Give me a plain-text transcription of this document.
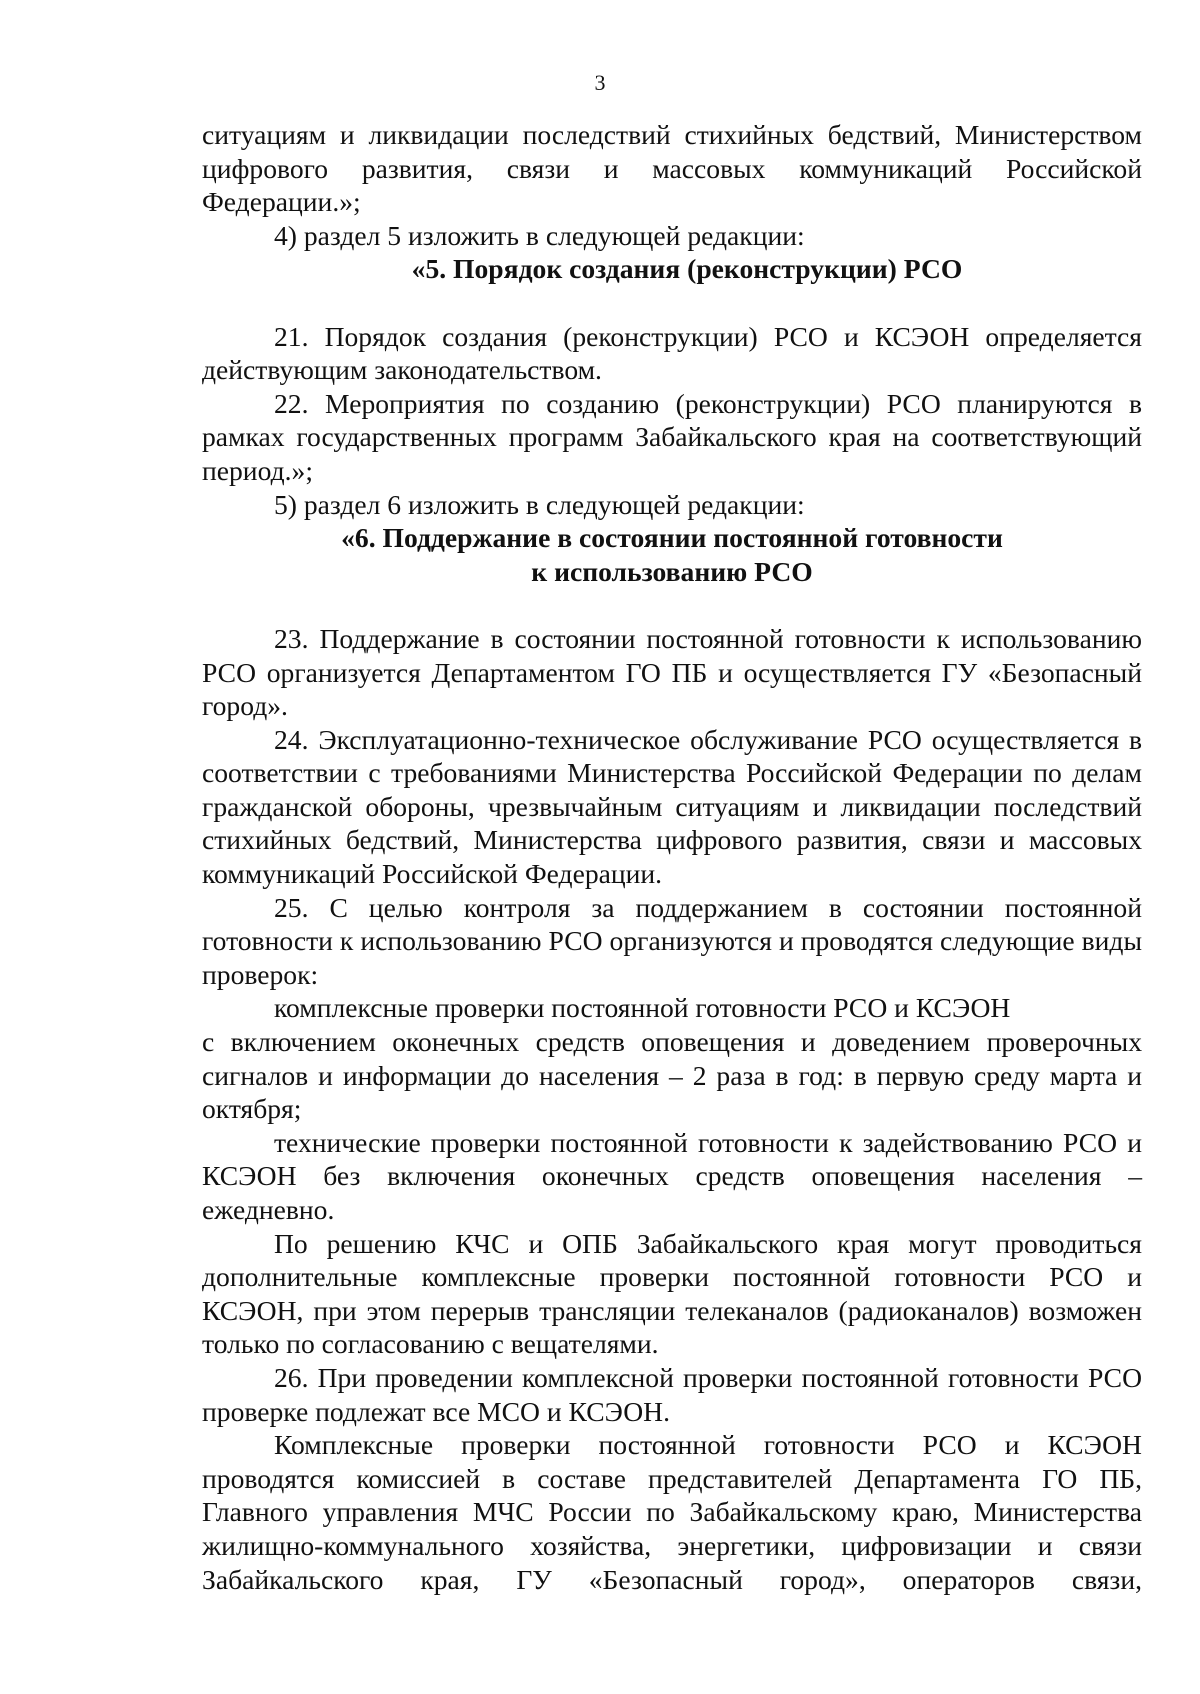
3

ситуациям и ликвидации последствий стихийных бедствий, Министерством цифрового развития, связи и массовых коммуникаций Российской Федерации.»;

4) раздел 5 изложить в следующей редакции:

«5. Порядок создания (реконструкции) РСО

21. Порядок создания (реконструкции) РСО и КСЭОН определяется действующим законодательством.

22. Мероприятия по созданию (реконструкции) РСО планируются в рамках государственных программ Забайкальского края на соответствующий период.»;

5) раздел 6 изложить в следующей редакции:

«6. Поддержание в состоянии постоянной готовности
к использованию РСО

23. Поддержание в состоянии постоянной готовности к использованию РСО организуется Департаментом ГО ПБ и осуществляется ГУ «Безопасный город».

24. Эксплуатационно-техническое обслуживание РСО осуществляется в соответствии с требованиями Министерства Российской Федерации по делам гражданской обороны, чрезвычайным ситуациям и ликвидации последствий стихийных бедствий, Министерства цифрового развития, связи и массовых коммуникаций Российской Федерации.

25. С целью контроля за поддержанием в состоянии постоянной готовности к использованию РСО организуются и проводятся следующие виды проверок:

комплексные проверки постоянной готовности РСО и КСЭОН

с включением оконечных средств оповещения и доведением проверочных сигналов и информации до населения – 2 раза в год: в первую среду марта и октября;

технические проверки постоянной готовности к задействованию РСО и КСЭОН без включения оконечных средств оповещения населения – ежедневно.

По решению КЧС и ОПБ Забайкальского края могут проводиться дополнительные комплексные проверки постоянной готовности РСО и КСЭОН, при этом перерыв трансляции телеканалов (радиоканалов) возможен только по согласованию с вещателями.

26. При проведении комплексной проверки постоянной готовности РСО проверке подлежат все МСО и КСЭОН.

Комплексные проверки постоянной готовности РСО и КСЭОН проводятся комиссией в составе представителей Департамента ГО ПБ, Главного управления МЧС России по Забайкальскому краю, Министерства жилищно-коммунального хозяйства, энергетики, цифровизации и связи Забайкальского края, ГУ «Безопасный город», операторов связи,
